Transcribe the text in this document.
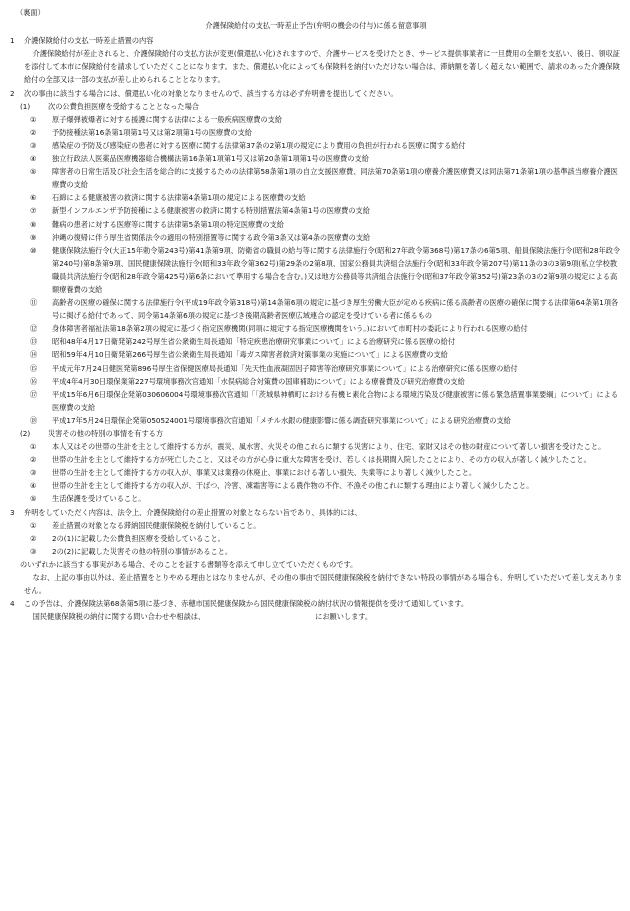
（裏面）
介護保険給付の支払一時差止予告(弁明の機会の付与)に係る留意事項
1	介護保険給付の支払一時差止措置の内容
介護保険給付が差止されると、介護保険給付の支払方法が変更(償還払い化)されますので、介護サービスを受けたとき、サービス提供事業者に一旦費用の全額を支払い、後日、領収証を添付して本市に保険給付を請求していただくことになります。また、償還払い化によっても保険料を納付いただけない場合は、滞納額を著しく超えない範囲で、請求のあった介護保険給付の全部又は一部の支払が差し止められることとなります。
2	次の事由に該当する場合には、償還払い化の対象となりませんので、該当する方は必ず弁明書を提出してください。
(1)	次の公費負担医療を受給することとなった場合
①	原子爆弾被爆者に対する援護に関する法律による一般疾病医療費の支給
②	予防接種法第16条第1項第1号又は第2項第1号の医療費の支給
③	感染症の予防及び感染症の患者に対する医療に関する法律第37条の2第1項の規定により費用の負担が行われる医療に関する給付
④	独立行政法人医薬品医療機器総合機構法第16条第1項第1号又は第20条第1項第1号の医療費の支給
⑤	障害者の日常生活及び社会生活を総合的に支援するための法律第58条第1項の自立支援医療費、同法第70条第1項の療養介護医療費又は同法第71条第1項の基準該当療養介護医療費の支給
⑥	石綿による健康被害の救済に関する法律第4条第1項の規定による医療費の支給
⑦	新型インフルエンザ予防接種による健康被害の救済に関する特別措置法第4条第1号の医療費の支給
⑧	難病の患者に対する医療等に関する法律第5条第1項の特定医療費の支給
⑨	沖縄の復帰に伴う厚生省関係法令の適用の特別措置等に関する政令第3条又は第4条の医療費の支給
⑩	健康保険法施行令(大正15年勅令第243号)第41条第9項、防衛省の職員の給与等に関する法律施行令(昭和27年政令第368号)第17条の6第5項、船員保険法施行令(昭和28年政令第240号)第8条第9項、国民健康保険法施行令(昭和33年政令第362号)第29条の2第8項、国家公務員共済組合法施行令(昭和33年政令第207号)第11条の3の3第9項(私立学校教職員共済法施行令(昭和28年政令第425号)第6条において準用する場合を含む。)又は地方公務員等共済組合法施行令(昭和37年政令第352号)第23条の3の2第9項の規定による高額療養費の支給
⑪	高齢者の医療の確保に関する法律施行令(平成19年政令第318号)第14条第6項の規定に基づき厚生労働大臣が定める疾病に係る高齢者の医療の確保に関する法律第64条第1項各号に掲げる給付であって、同令第14条第6項の規定に基づき後期高齢者医療広域連合の認定を受けている者に係るもの
⑫	身体障害者福祉法第18条第2項の規定に基づく指定医療機関(同項に規定する指定医療機関をいう。)において市町村の委託により行われる医療の給付
⑬	昭和48年4月17日衛発第242号厚生省公衆衛生局長通知「特定疾患治療研究事業について」による治療研究に係る医療の給付
⑭	昭和59年4月10日衛発第266号厚生省公衆衛生局長通知「毒ガス障害者救済対策事業の実施について」による医療費の支給
⑮	平成元年7月24日健医発第896号厚生省保健医療局長通知「先天性血液凝固因子障害等治療研究事業について」による治療研究に係る医療の給付
⑯	平成4年4月30日環保業第227号環境事務次官通知「水俣病総合対策費の国庫補助について」による療養費及び研究治療費の支給
⑰	平成15年6月6日環保企発第030606004号環境事務次官通知「「茨城県神栖町における有機ヒ素化合物による環境汚染及び健康被害に係る緊急措置事業要綱」について」による医療費の支給
⑱	平成17年5月24日環保企発第050524001号環境事務次官通知「メチル水銀の健康影響に係る調査研究事業について」による研究治療費の支給
(2)	災害その他の特別の事情を有する方
①	本人又はその世帯の生計を主として維持する方が、震災、風水害、火災その他これらに類する災害により、住宅、家財又はその他の財産について著しい損害を受けたこと。
②	世帯の生計を主として維持する方が死亡したこと、又はその方が心身に重大な障害を受け、若しくは長期間入院したことにより、その方の収入が著しく減少したこと。
③	世帯の生計を主として維持する方の収入が、事業又は業務の休廃止、事業における著しい損失、失業等により著しく減少したこと。
④	世帯の生計を主として維持する方の収入が、干ばつ、冷害、凍霜害等による農作物の不作、不漁その他これに類する理由により著しく減少したこと。
⑤	生活保護を受けていること。
3	弁明をしていただく内容は、法令上、介護保険給付の差止措置の対象とならない旨であり、具体的には、
①	差止措置の対象となる滞納国民健康保険税を納付していること。
②	2の(1)に記載した公費負担医療を受給していること。
③	2の(2)に記載した災害その他の特別の事情があること。
のいずれかに該当する事実がある場合、そのことを証する書類等を添えて申し立てていただくものです。
なお、上記の事由以外は、差止措置をとりやめる理由とはなりませんが、その他の事由で国民健康保険税を納付できない特段の事情がある場合も、弁明していただいて差し支えありません。
4	この予告は、介護保険法第68条第5項に基づき、赤穂市国民健康保険から国民健康保険税の納付状況の情報提供を受けて通知しています。
国民健康保険税の納付に関する問い合わせや相談は、	にお願いします。
